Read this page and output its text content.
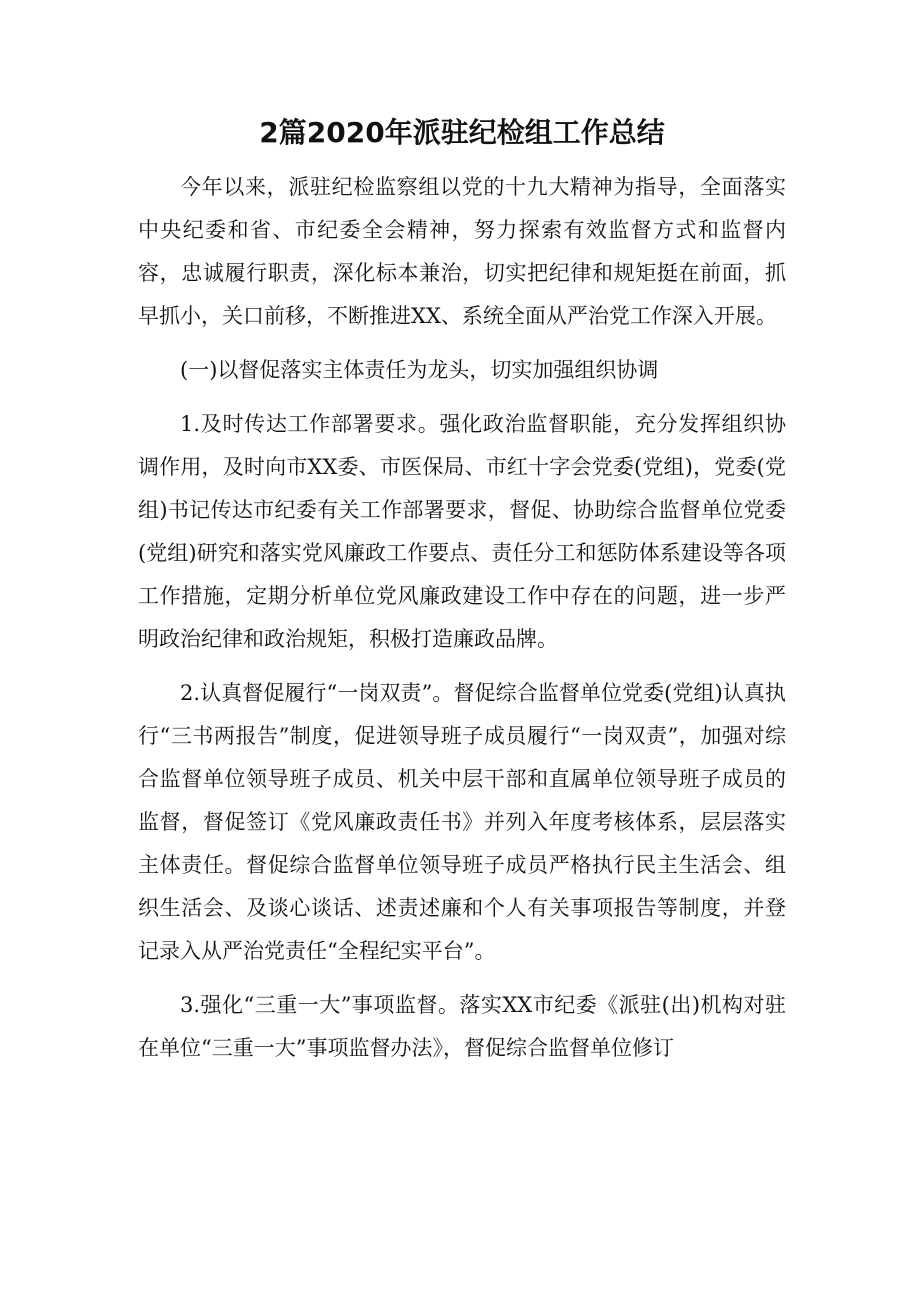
2篇2020年派驻纪检组工作总结

今年以来，派驻纪检监察组以党的十九大精神为指导，全面落实中央纪委和省、市纪委全会精神，努力探索有效监督方式和监督内容，忠诚履行职责，深化标本兼治，切实把纪律和规矩挺在前面，抓早抓小，关口前移，不断推进XX、系统全面从严治党工作深入开展。

(一)以督促落实主体责任为龙头，切实加强组织协调

1.及时传达工作部署要求。强化政治监督职能，充分发挥组织协调作用，及时向市XX委、市医保局、市红十字会党委(党组)，党委(党组)书记传达市纪委有关工作部署要求，督促、协助综合监督单位党委(党组)研究和落实党风廉政工作要点、责任分工和惩防体系建设等各项工作措施，定期分析单位党风廉政建设工作中存在的问题，进一步严明政治纪律和政治规矩，积极打造廉政品牌。

2.认真督促履行“一岗双责”。督促综合监督单位党委(党组)认真执行“三书两报告”制度，促进领导班子成员履行“一岗双责”，加强对综合监督单位领导班子成员、机关中层干部和直属单位领导班子成员的监督，督促签订《党风廉政责任书》并列入年度考核体系，层层落实主体责任。督促综合监督单位领导班子成员严格执行民主生活会、组织生活会、及谈心谈话、述责述廉和个人有关事项报告等制度，并登记录入从严治党责任“全程纪实平台”。

3.强化“三重一大”事项监督。落实XX市纪委《派驻(出)机构对驻在单位“三重一大”事项监督办法》，督促综合监督单位修订
